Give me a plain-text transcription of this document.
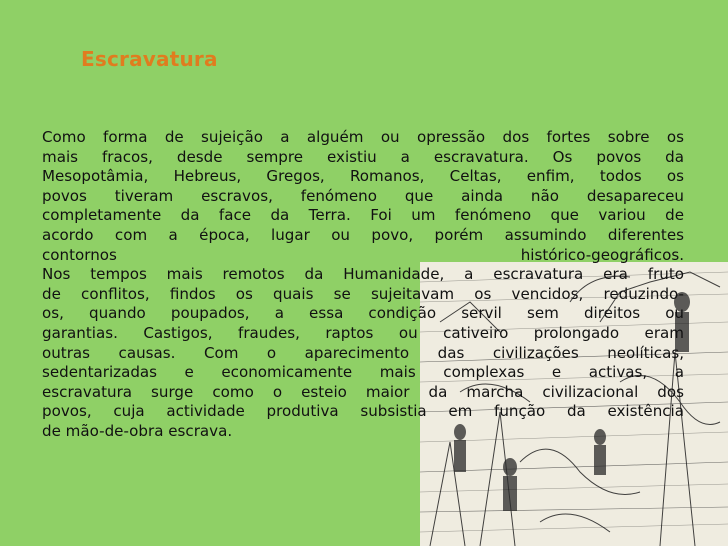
Escravatura
Como forma de sujeição a alguém ou opressão dos fortes sobre os
mais fracos, desde sempre existiu a escravatura. Os povos da
Mesopotâmia, Hebreus, Gregos, Romanos, Celtas, enfim, todos os
povos tiveram escravos, fenómeno que ainda não desapareceu
completamente da face da Terra. Foi um fenómeno que variou de
acordo com a época, lugar ou povo, porém assumindo diferentes
contornos histórico-geográficos.
Nos tempos mais remotos da Humanidade, a escravatura era fruto
de conflitos, findos os quais se sujeitavam os vencidos, reduzindo-
os, quando poupados, a essa condição servil sem direitos ou
garantias. Castigos, fraudes, raptos ou cativeiro prolongado eram
outras causas. Com o aparecimento das civilizações neolíticas,
sedentarizadas e economicamente mais complexas e activas, a
escravatura surge como o esteio maior da marcha civilizacional dos
povos, cuja actividade produtiva subsistia em função da existência
de mão-de-obra escrava.
